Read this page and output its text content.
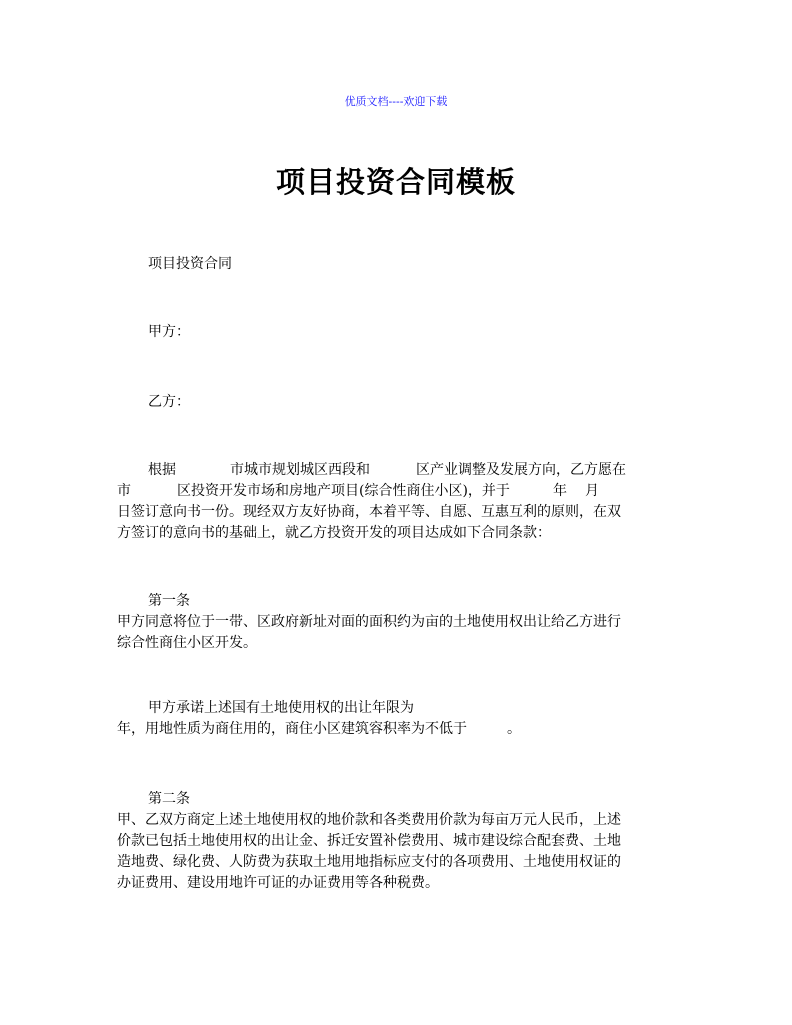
优质文档----欢迎下载
项目投资合同模板

项目投资合同

甲方：

乙方：

根据	市城市规划城区西段和	区产业调整及发展方向，乙方愿在
市	区投资开发市场和房地产项目(综合性商住小区)，并于	年 月
日签订意向书一份。现经双方友好协商，本着平等、自愿、互惠互利的原则，在双
方签订的意向书的基础上，就乙方投资开发的项目达成如下合同条款：
第一条
甲方同意将位于一带、区政府新址对面的面积约为亩的土地使用权出让给乙方进行
综合性商住小区开发。
甲方承诺上述国有土地使用权的出让年限为
年，用地性质为商住用的，商住小区建筑容积率为不低于	。
第二条
甲、乙双方商定上述土地使用权的地价款和各类费用价款为每亩万元人民币，上述
价款已包括土地使用权的出让金、拆迁安置补偿费用、城市建设综合配套费、土地
造地费、绿化费、人防费为获取土地用地指标应支付的各项费用、土地使用权证的
办证费用、建设用地许可证的办证费用等各种税费。
